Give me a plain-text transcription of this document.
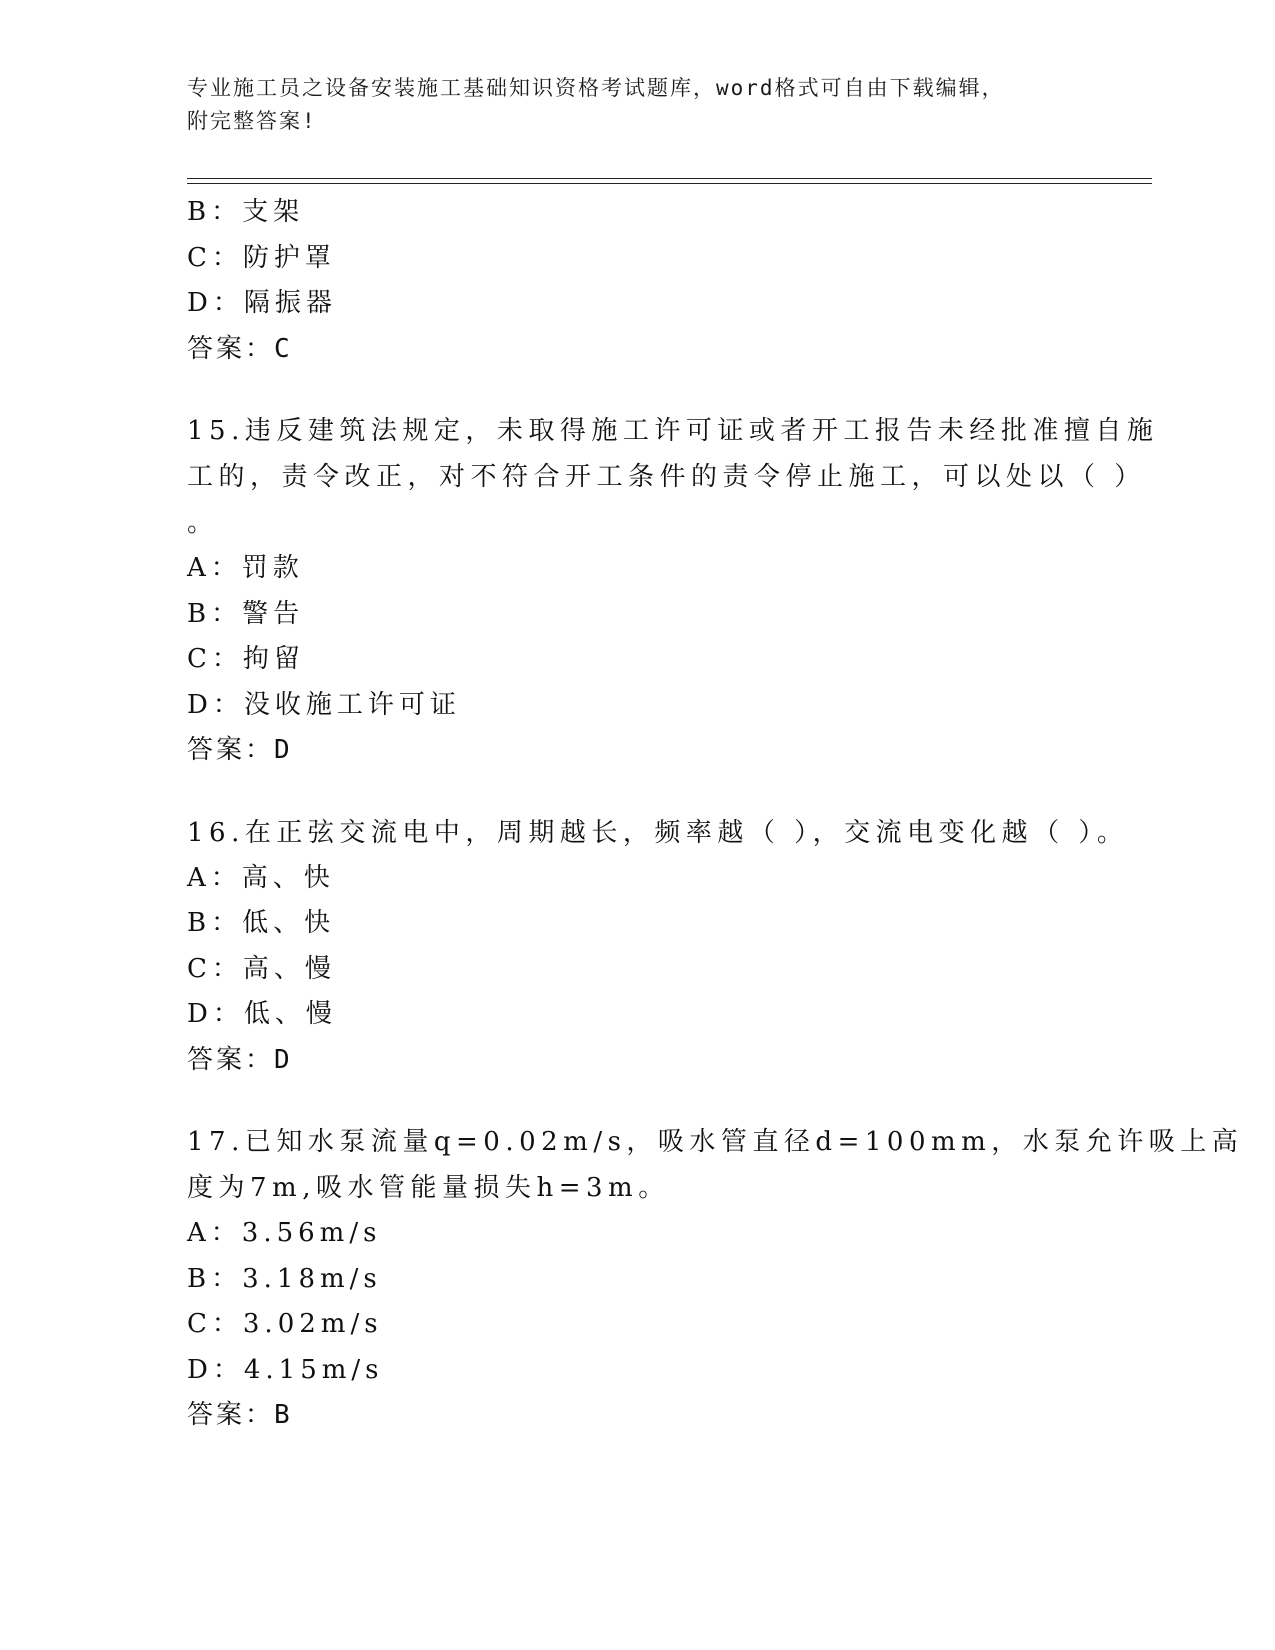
专业施工员之设备安装施工基础知识资格考试题库，word格式可自由下载编辑，
附完整答案!
B：支架
C：防护罩
D：隔振器
答案：C
15.违反建筑法规定，未取得施工许可证或者开工报告未经批准擅自施
工的，责令改正，对不符合开工条件的责令停止施工，可以处以（ ）
。
A：罚款
B：警告
C：拘留
D：没收施工许可证
答案：D
16.在正弦交流电中，周期越长，频率越（ ），交流电变化越（ ）。
A：高、快
B：低、快
C：高、慢
D：低、慢
答案：D
17.已知水泵流量q=0.02m/s，吸水管直径d=100mm，水泵允许吸上高
度为7m,吸水管能量损失h=3m。
A：3.56m/s
B：3.18m/s
C：3.02m/s
D：4.15m/s
答案：B
